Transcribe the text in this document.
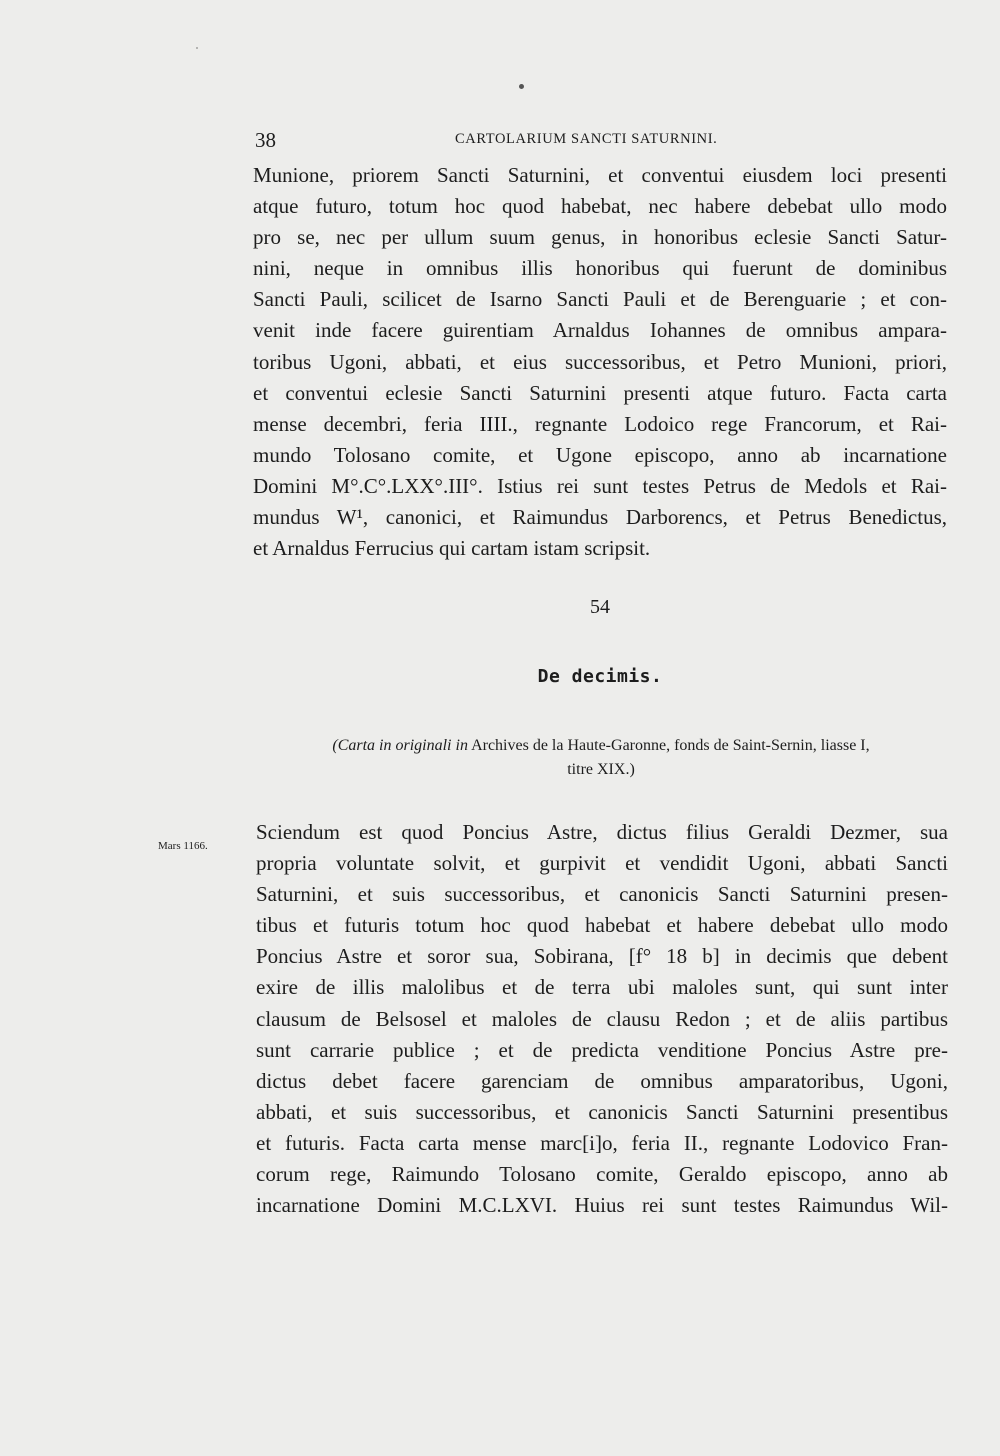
38	CARTOLARIUM SANCTI SATURNINI.
Munione, priorem Sancti Saturnini, et conventui eiusdem loci presenti
atque futuro, totum hoc quod habebat, nec habere debebat ullo modo
pro se, nec per ullum suum genus, in honoribus eclesie Sancti Satur-
nini, neque in omnibus illis honoribus qui fuerunt de dominibus
Sancti Pauli, scilicet de Isarno Sancti Pauli et de Berenguarie ; et con-
venit inde facere guirentiam Arnaldus Iohannes de omnibus ampara-
toribus Ugoni, abbati, et eius successoribus, et Petro Munioni, priori,
et conventui eclesie Sancti Saturnini presenti atque futuro. Facta carta
mense decembri, feria IIII., regnante Lodoico rege Francorum, et Rai-
mundo Tolosano comite, et Ugone episcopo, anno ab incarnatione
Domini M°.C°.LXX°.III°. Istius rei sunt testes Petrus de Medols et Rai-
mundus W¹, canonici, et Raimundus Darborencs, et Petrus Benedictus,
et Arnaldus Ferrucius qui cartam istam scripsit.
54
De decimis.
(Carta in originali in Archives de la Haute-Garonne, fonds de Saint-Sernin, liasse I,
titre XIX.)
Mars 1166.
Sciendum est quod Poncius Astre, dictus filius Geraldi Dezmer, sua
propria voluntate solvit, et gurpivit et vendidit Ugoni, abbati Sancti
Saturnini, et suis successoribus, et canonicis Sancti Saturnini presen-
tibus et futuris totum hoc quod habebat et habere debebat ullo modo
Poncius Astre et soror sua, Sobirana, [f° 18 b] in decimis que debent
exire de illis malolibus et de terra ubi maloles sunt, qui sunt inter
clausum de Belsosel et maloles de clausu Redon ; et de aliis partibus
sunt carrarie publice ; et de predicta venditione Poncius Astre pre-
dictus debet facere garenciam de omnibus amparatoribus, Ugoni,
abbati, et suis successoribus, et canonicis Sancti Saturnini presentibus
et futuris. Facta carta mense marc[i]o, feria II., regnante Lodovico Fran-
corum rege, Raimundo Tolosano comite, Geraldo episcopo, anno ab
incarnatione Domini M.C.LXVI. Huius rei sunt testes Raimundus Wil-
